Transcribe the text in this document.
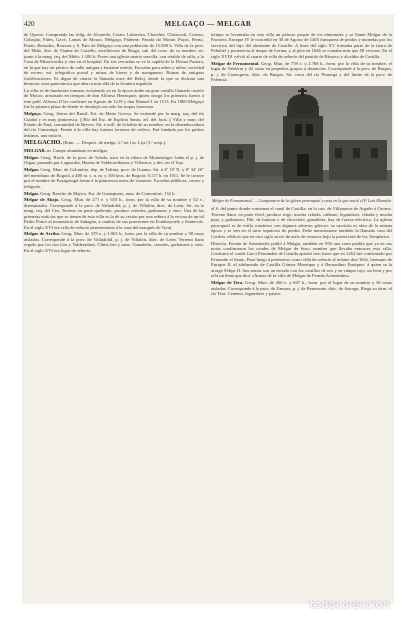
420	MELGAÇO — MELGAR

de Oporto. Comprende las felig. de Alvaredo, Castro Laboreiro, Chaviães, Christoval, Cousso, Cubação, Fiães, Gave, Lamas de Mouro, Melgaço, Paderne, Parada do Monte, Paços, Penso, Prado, Remoães, Roussas y S. Paio de Melgaço con una población de 15.000 h. Villa de la prov. del Miño, dist. de Vianna do Castello, arcidiócesis de Braga, cab. del conc. de su nombre, sit. junto á la marg. izq. del Miño; 1.100 h. Posee una iglesia matriz sencilla, con retablo de talla, y la Casa de Misericordia y otra en el hospital. En sus cercanías se ve la capilla de la Divina Pastora, en la que hay un pórtico de valle antigua y bastante mérito. Escuelas para niños y niñas, sociedad de recreo, est. telegráfica postal y minas de hierro y de manganeso. Ruinas de antiguas fortificaciones. Es digna de citarse la llamada torre del Reloj, desde la que se disfruta una hermosa vista panorámica que abarca más allá de la frontera española.

La villa es de fundación romana, existiendo ya en la época árabe un gran castillo llamado castelo de Mouro, arruinado en tiempos de don Alfonso Henriquez, quien otorgó los primeros fueros á este pobl. Alfonso II les confirmó en Agosto de 1219 y don Manuel I en 1513. En 1808 Melgaço fue la primera plaza de donde se desalojó con sólo las tropas francesas.

Melgaço. Geog. Sierra del Brasil, Est. de Matto Grosso. Se extiende por la marg. izq. del río Cuiabá y es muy pintoresca. || Río del Est. de Espírito Santo, afl. del Jucú. || Villa y mun. del Estado de Pará, comunidad de Breves. Sit. á orill. de la bahía de su nombre, en la desembocadura del río Camaraipy. Frente á la villa hay buenos terrenos de cultivo. Fué fundada por los padres teatinos, una misión.

MELGACHO. (Etim. — Despect. de melga, 2.ª art.) m. Lija (1.ª acep.).

MELGAR. m. Campo abundante en mielgas.

Melgar. Geog. Riach. de la prov. de Toledo, nace en la ribera de Montealegre, baña el p. j. de Orgaz, pasando por Laguardia, Huerta de Valdecarábanos y Villaseca, y des. en el Tajo.

Melgar. Geog. Mun. de Colombia, dep. de Tolima, prov. de Guamo. Sit. á 4º 10' N. y 0º 34' 20" del meridiano de Bogotá, á 400 m. s. n. m. y 100 kms. de Bogotá; 8.117 h. en 1911. Se le conoce por el nombre de Fusagasugá frente á la pintoresca mesa de Limones. Escuelas públicas, correo y telégrafo.

Melgar. Geog. Rancho de Majico, Est. de Guanajuato, mun. de Comonfort; 132 h.

Melgar de Abajo. Geog. Mun. de 271 e. y 653 h., form. por la villa de su nombre y 52 e., diseminados. Corresponde á la prov. de Valladolid, p. j. de Villalón, dióc. de León. Sit. en la marg. izq. del Cea. Terreno en parte quebrado, produce cereales, garbanzos y vino. Una de las primeras noticias que se tienen de esta villa es la de su cesión por una señora á la vecina de un tal Pedro Ponce al monasterio de Sahagún, á cambio de sus posesiones en Fontihoyuelo y Santervás. En el siglo XVI era villa de señorío perteneciente á la casa del marqués de Toral.

Melgar de Arriba. Geog. Mun. de 378 e. y 1.063 h., form. por la villa de su nombre y 38 casas aisladas. Corresponde á la prov. de Valladolid, p. j. de Villalón, dióc. de León. Terreno llano regado por los ríos Cea y Valderaduey. Clima frío y sano. Ganadería, cereales, garbanzos y vino. En el siglo XVI era lugar de señorío.

tiempo se levantaba en esta villa un palacio propio de los almirantes y se llamó Melgar de la Frontera. Enrique IV le concedió en 30 de Agosto de 1465 franqueza de peidos y monedas por los servicios del hijo del almirante de Castilla. A fines del siglo XV formaba parte de la tierra de Peñafiel y pertenecía al duque de Lerma, y al plea en 1646 se contaba más que 58 vecinos. En el siglo XVIII volvió al cuarto de villa de señorío del partido de Rioseco y alcaldía de Castilla.

Melgar de Fernamental. Geog. Mun. de 759 e. y 2.768 h., form. por la villa de su nombre, el lugar de Valtierra y 42 casas en pequeños grupos á distancias. Corresponde á la prov. de Burgos, p. j. de Castrogeriz, dióc. de Burgos. Sit. cerca del río Pisuerga y del límite de la prov. de Palencia.

Melgar de Fernamental. — Campanario de la iglesia parroquial y casa en la que nació el P. Luis Manuela

al S. del punto donde comienza el canal de Castilla, en la carr. de Villanueva de Argaño á Osorno. Terreno llano, en parte fértil, produce trigo, mucha cebada, cáñamo, legumbres, cebada y mucha paja, y garbanzos. Fáb. de harinas y de chocolate, ganadería, hay de fuerza eléctrica. La iglesia parroquial es de estilo románico con algunos adornos góticos; su sacristía es obra de la misma época y se ven en el atrio sepulcros de piedra. Debe mencionarse también la llamada casa del Cordón, edificio que en otro siglo sirvió de asilo de romeros bajo la protección de los Templarios.

Historia. Fernán de Armentales pobló á Melgar, también en 950 una carta puebla que ya en sus notas confirmaron los condes de Melgar de Suso, nombre que llevaba entonces esta villa. Confirmó el conde Garci Fernández de Castilla aprobó otro fuero que en 1262 fué confirmado por Fernando el Santo. Pasó luego á pertenecer como villa de señorío al infante don Tello, hermano de Enrique II, al adelantado de Castilla Gómez Manrique y á Bernardino Enríquez, á quien se la otorgó Felipe II. Sus armas son un escudo con los castillos de oro y en campo rojo, un león y por orla un lema que dice «Armas de la villa de Melgar de Fernán Armentales».

Melgar de Tera. Geog. Mun. de 266 e. y 647 h., form. por el lugar de su nombre y 36 casas aisladas. Corresponde á la prov. de Zamora, p. j. de Benavente, dióc. de Astorga. Riega su térm. el río Tera. Centeno, legumbres y pastos.

todocoleccion
